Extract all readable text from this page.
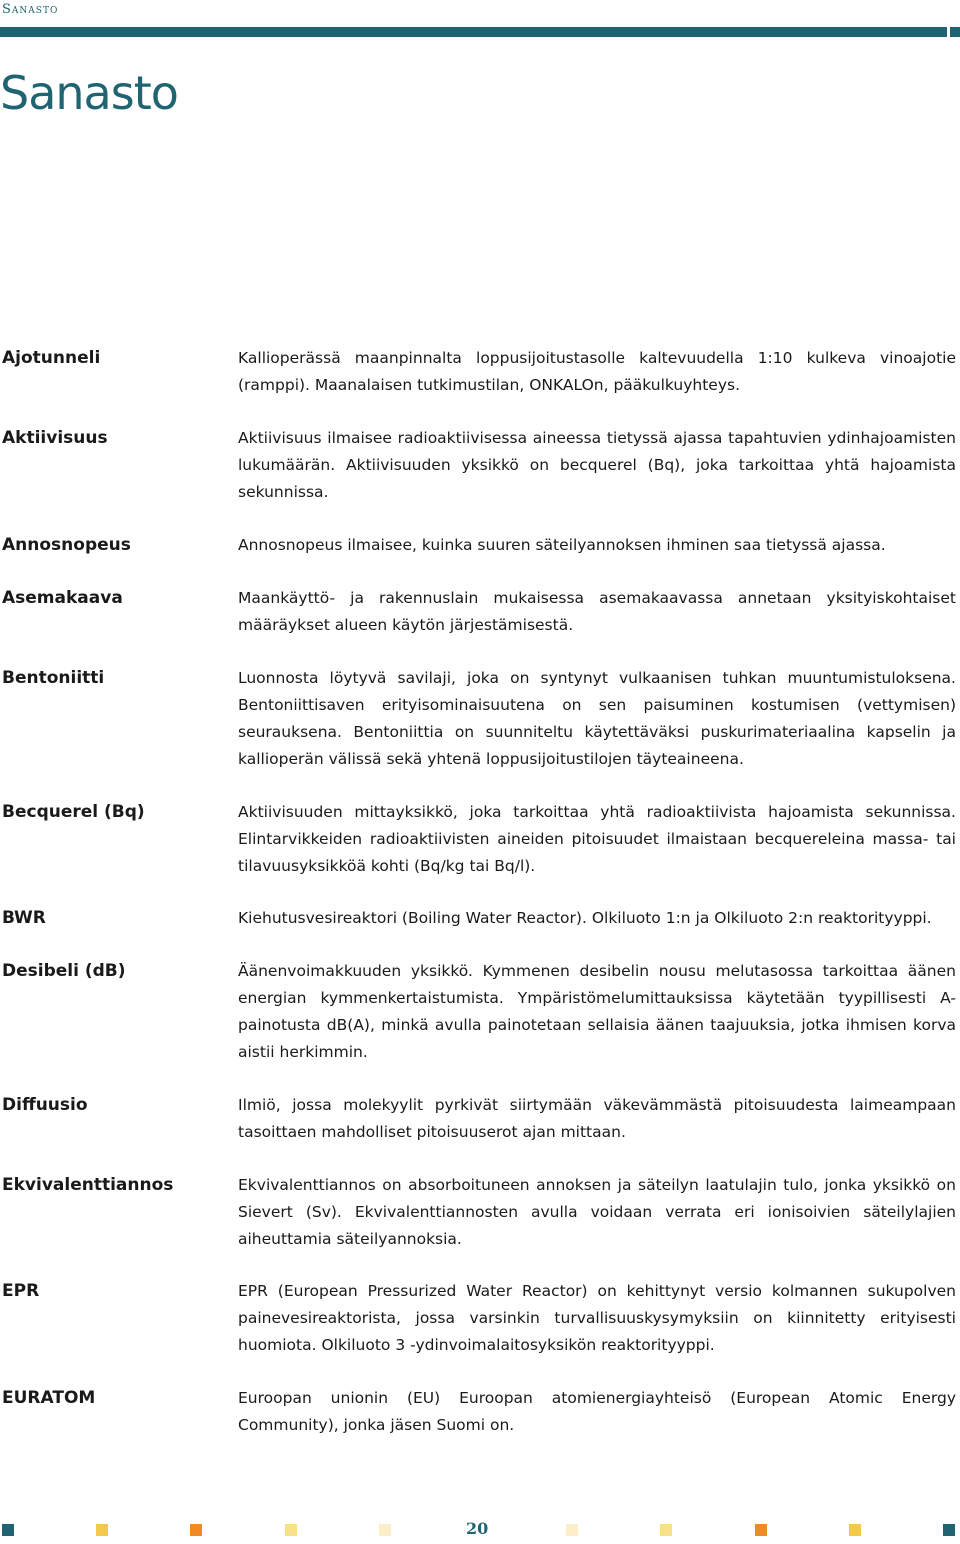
Sanasto
Sanasto
Ajotunneli	Kallioperässä maanpinnalta loppusijoitustasolle kaltevuudella 1:10 kulkeva vinoajotie (ramppi). Maanalaisen tutkimustilan, ONKALOn, pääkulkuyhteys.
Aktiivisuus	Aktiivisuus ilmaisee radioaktiivisessa aineessa tietyssä ajassa tapahtuvien ydinhajoamisten lukumäärän. Aktiivisuuden yksikkö on becquerel (Bq), joka tarkoittaa yhtä hajoamista sekunnissa.
Annosnopeus	Annosnopeus ilmaisee, kuinka suuren säteilyannoksen ihminen saa tietyssä ajassa.
Asemakaava	Maankäyttö- ja rakennuslain mukaisessa asemakaavassa annetaan yksityiskohtaiset määräykset alueen käytön järjestämisestä.
Bentoniitti	Luonnosta löytyvä savilaji, joka on syntynyt vulkaanisen tuhkan muuntumistuloksena. Bentoniittisaven erityisominaisuutena on sen paisuminen kostumisen (vettymisen) seurauksena. Bentoniittia on suunniteltu käytettäväksi puskurimateriaalina kapselin ja kallioperän välissä sekä yhtenä loppusijoitustilojen täyteaineena.
Becquerel (Bq)	Aktiivisuuden mittayksikkö, joka tarkoittaa yhtä radioaktiivista hajoamista sekunnissa. Elintarvikkeiden radioaktiivisten aineiden pitoisuudet ilmaistaan becquereleina massa- tai tilavuusyksikköä kohti (Bq/kg tai Bq/l).
BWR	Kiehutusvesireaktori (Boiling Water Reactor). Olkiluoto 1:n ja Olkiluoto 2:n reaktorityyppi.
Desibeli (dB)	Äänenvoimakkuuden yksikkö. Kymmenen desibelin nousu melutasossa tarkoittaa äänen energian kymmenkertaistumista. Ympäristömelumittauksissa käytetään tyypillisesti A-painotusta dB(A), minkä avulla painotetaan sellaisia äänen taajuuksia, jotka ihmisen korva aistii herkimmin.
Diffuusio	Ilmiö, jossa molekyylit pyrkivät siirtymään väkevämmästä pitoisuudesta laimeampaan tasoittaen mahdolliset pitoisuuserot ajan mittaan.
Ekvivalenttiannos	Ekvivalenttiannos on absorboituneen annoksen ja säteilyn laatulajin tulo, jonka yksikkö on Sievert (Sv). Ekvivalenttiannosten avulla voidaan verrata eri ionisoivien säteilylajien aiheuttamia säteilyannoksia.
EPR	EPR (European Pressurized Water Reactor) on kehittynyt versio kolmannen sukupolven painevesireaktorista, jossa varsinkin turvallisuuskysymyksiin on kiinnitetty erityisesti huomiota. Olkiluoto 3 -ydinvoimalaitosyksikön reaktorityyppi.
EURATOM	Euroopan unionin (EU) Euroopan atomienergiayhteisö (European Atomic Energy Community), jonka jäsen Suomi on.
20
